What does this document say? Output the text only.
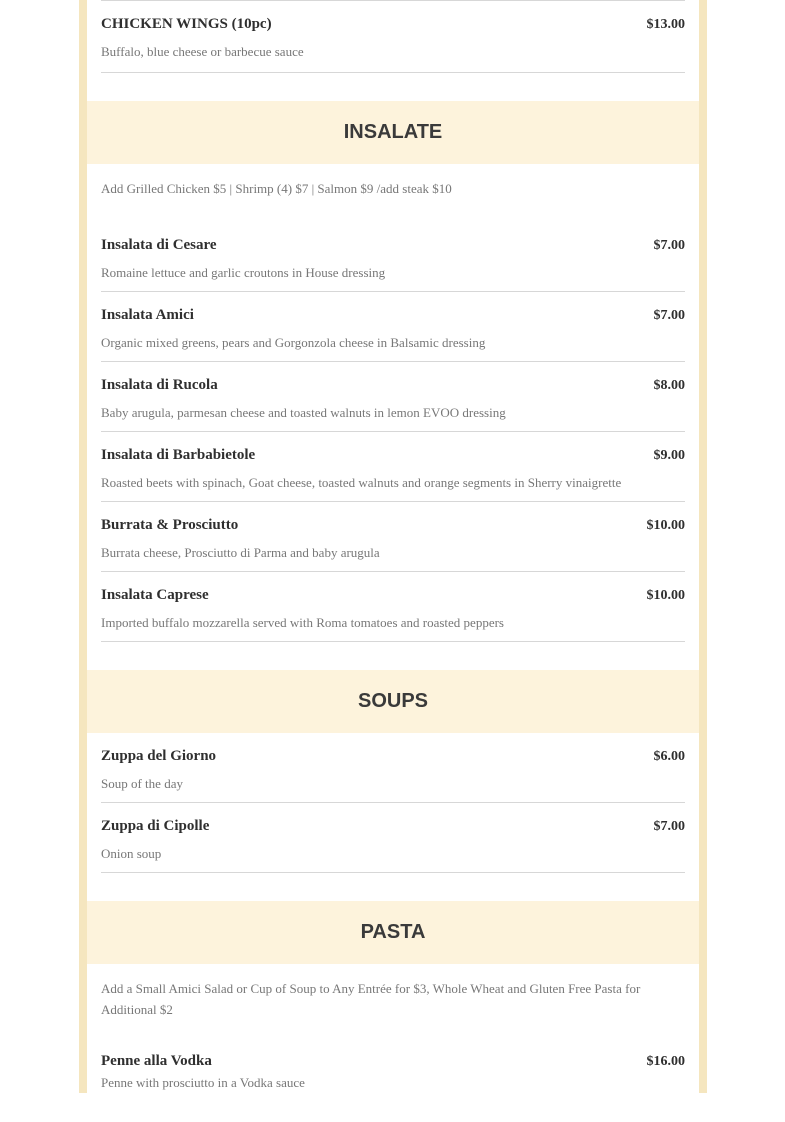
CHICKEN WINGS (10pc)	$13.00
Buffalo, blue cheese or barbecue sauce
INSALATE
Add Grilled Chicken $5 | Shrimp (4) $7 | Salmon $9 /add steak $10
Insalata di Cesare	$7.00
Romaine lettuce and garlic croutons in House dressing
Insalata Amici	$7.00
Organic mixed greens, pears and Gorgonzola cheese in Balsamic dressing
Insalata di Rucola	$8.00
Baby arugula, parmesan cheese and toasted walnuts in lemon EVOO dressing
Insalata di Barbabietole	$9.00
Roasted beets with spinach, Goat cheese, toasted walnuts and orange segments in Sherry vinaigrette
Burrata & Prosciutto	$10.00
Burrata cheese, Prosciutto di Parma and baby arugula
Insalata Caprese	$10.00
Imported buffalo mozzarella served with Roma tomatoes and roasted peppers
SOUPS
Zuppa del Giorno	$6.00
Soup of the day
Zuppa di Cipolle	$7.00
Onion soup
PASTA
Add a Small Amici Salad or Cup of Soup to Any Entrée for $3, Whole Wheat and Gluten Free Pasta for Additional $2
Penne alla Vodka	$16.00
Penne with prosciutto in a Vodka sauce
